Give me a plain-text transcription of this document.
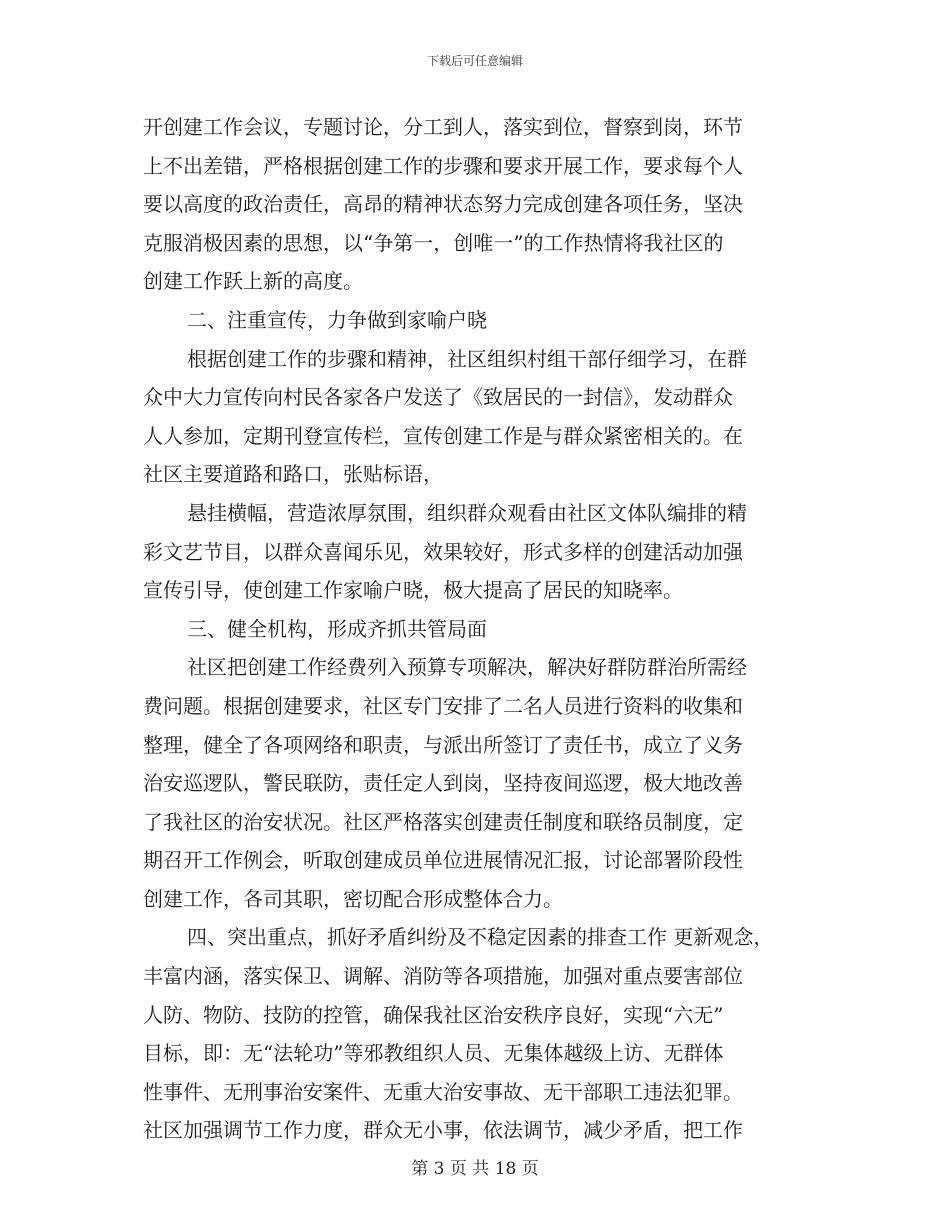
下载后可任意编辑
开创建工作会议，专题讨论，分工到人，落实到位，督察到岗，环节
上不出差错，严格根据创建工作的步骤和要求开展工作，要求每个人
要以高度的政治责任，高昂的精神状态努力完成创建各项任务，坚决
克服消极因素的思想，以“争第一，创唯一”的工作热情将我社区的
创建工作跃上新的高度。
二、注重宣传，力争做到家喻户晓
根据创建工作的步骤和精神，社区组织村组干部仔细学习，在群
众中大力宣传向村民各家各户发送了《致居民的一封信》，发动群众
人人参加，定期刊登宣传栏，宣传创建工作是与群众紧密相关的。在
社区主要道路和路口，张贴标语，
悬挂横幅，营造浓厚氛围，组织群众观看由社区文体队编排的精
彩文艺节目，以群众喜闻乐见，效果较好，形式多样的创建活动加强
宣传引导，使创建工作家喻户晓，极大提高了居民的知晓率。
三、健全机构，形成齐抓共管局面
社区把创建工作经费列入预算专项解决，解决好群防群治所需经
费问题。根据创建要求，社区专门安排了二名人员进行资料的收集和
整理，健全了各项网络和职责，与派出所签订了责任书，成立了义务
治安巡逻队，警民联防，责任定人到岗，坚持夜间巡逻，极大地改善
了我社区的治安状况。社区严格落实创建责任制度和联络员制度，定
期召开工作例会，听取创建成员单位进展情况汇报，讨论部署阶段性
创建工作，各司其职，密切配合形成整体合力。
四、突出重点，抓好矛盾纠纷及不稳定因素的排查工作 更新观念，
丰富内涵，落实保卫、调解、消防等各项措施，加强对重点要害部位
人防、物防、技防的控管，确保我社区治安秩序良好，实现“六无”
目标，即：无“法轮功”等邪教组织人员、无集体越级上访、无群体
性事件、无刑事治安案件、无重大治安事故、无干部职工违法犯罪。
社区加强调节工作力度，群众无小事，依法调节，减少矛盾，把工作
第 3 页 共 18 页
